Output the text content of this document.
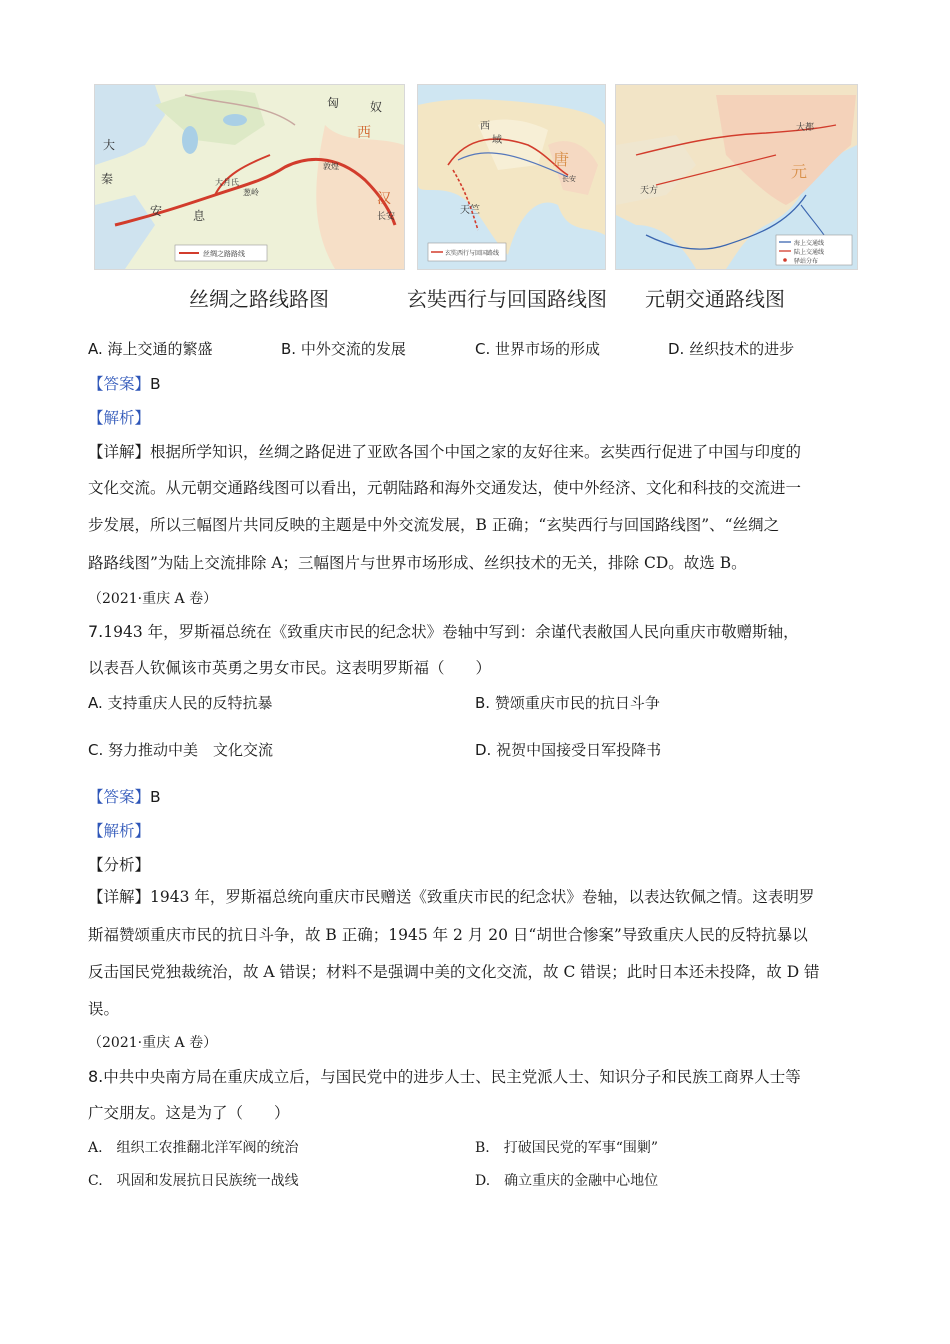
匈	奴
西
大
秦
安	息
汉
长安
敦煌
大月氏
葱岭
丝绸之路路线
西
域
天竺
唐
长安
玄奘西行与回国路线
大都
元
天方
海上交通线
陆上交通线
驿站分布
丝绸之路线路图	玄奘西行与回国路线图 元朝交通路线图
A. 海上交通的繁盛	B. 中外交流的发展	C. 世界市场的形成	D. 丝织技术的进步
【答案】B
【解析】
【详解】根据所学知识，丝绸之路促进了亚欧各国个中国之家的友好往来。玄奘西行促进了中国与印度的
文化交流。从元朝交通路线图可以看出，元朝陆路和海外交通发达，使中外经济、文化和科技的交流进一
步发展，所以三幅图片共同反映的主题是中外交流发展，B 正确；“玄奘西行与回国路线图”、“丝绸之
路路线图”为陆上交流排除 A；三幅图片与世界市场形成、丝织技术的无关，排除 CD。故选 B。
（2021·重庆 A 卷）
7.1943 年，罗斯福总统在《致重庆市民的纪念状》卷轴中写到：余谨代表敝国人民向重庆市敬赠斯轴，
以表吾人钦佩该市英勇之男女市民。这表明罗斯福（　　）
A. 支持重庆人民的反特抗暴	B. 赞颂重庆市民的抗日斗争
C. 努力推动中美　文化交流	D. 祝贺中国接受日军投降书
【答案】B
【解析】
【分析】
【详解】1943 年，罗斯福总统向重庆市民赠送《致重庆市民的纪念状》卷轴，以表达钦佩之情。这表明罗
斯福赞颂重庆市民的抗日斗争，故 B 正确；1945 年 2 月 20 日“胡世合惨案”导致重庆人民的反特抗暴以
反击国民党独裁统治，故 A 错误；材料不是强调中美的文化交流，故 C 错误；此时日本还未投降，故 D 错
误。
（2021·重庆 A 卷）
8.中共中央南方局在重庆成立后，与国民党中的进步人士、民主党派人士、知识分子和民族工商界人士等
广交朋友。这是为了（　　）
A.　组织工农推翻北洋军阀的统治	B.　打破国民党的军事“围剿”
C.　巩固和发展抗日民族统一战线	D.　确立重庆的金融中心地位
